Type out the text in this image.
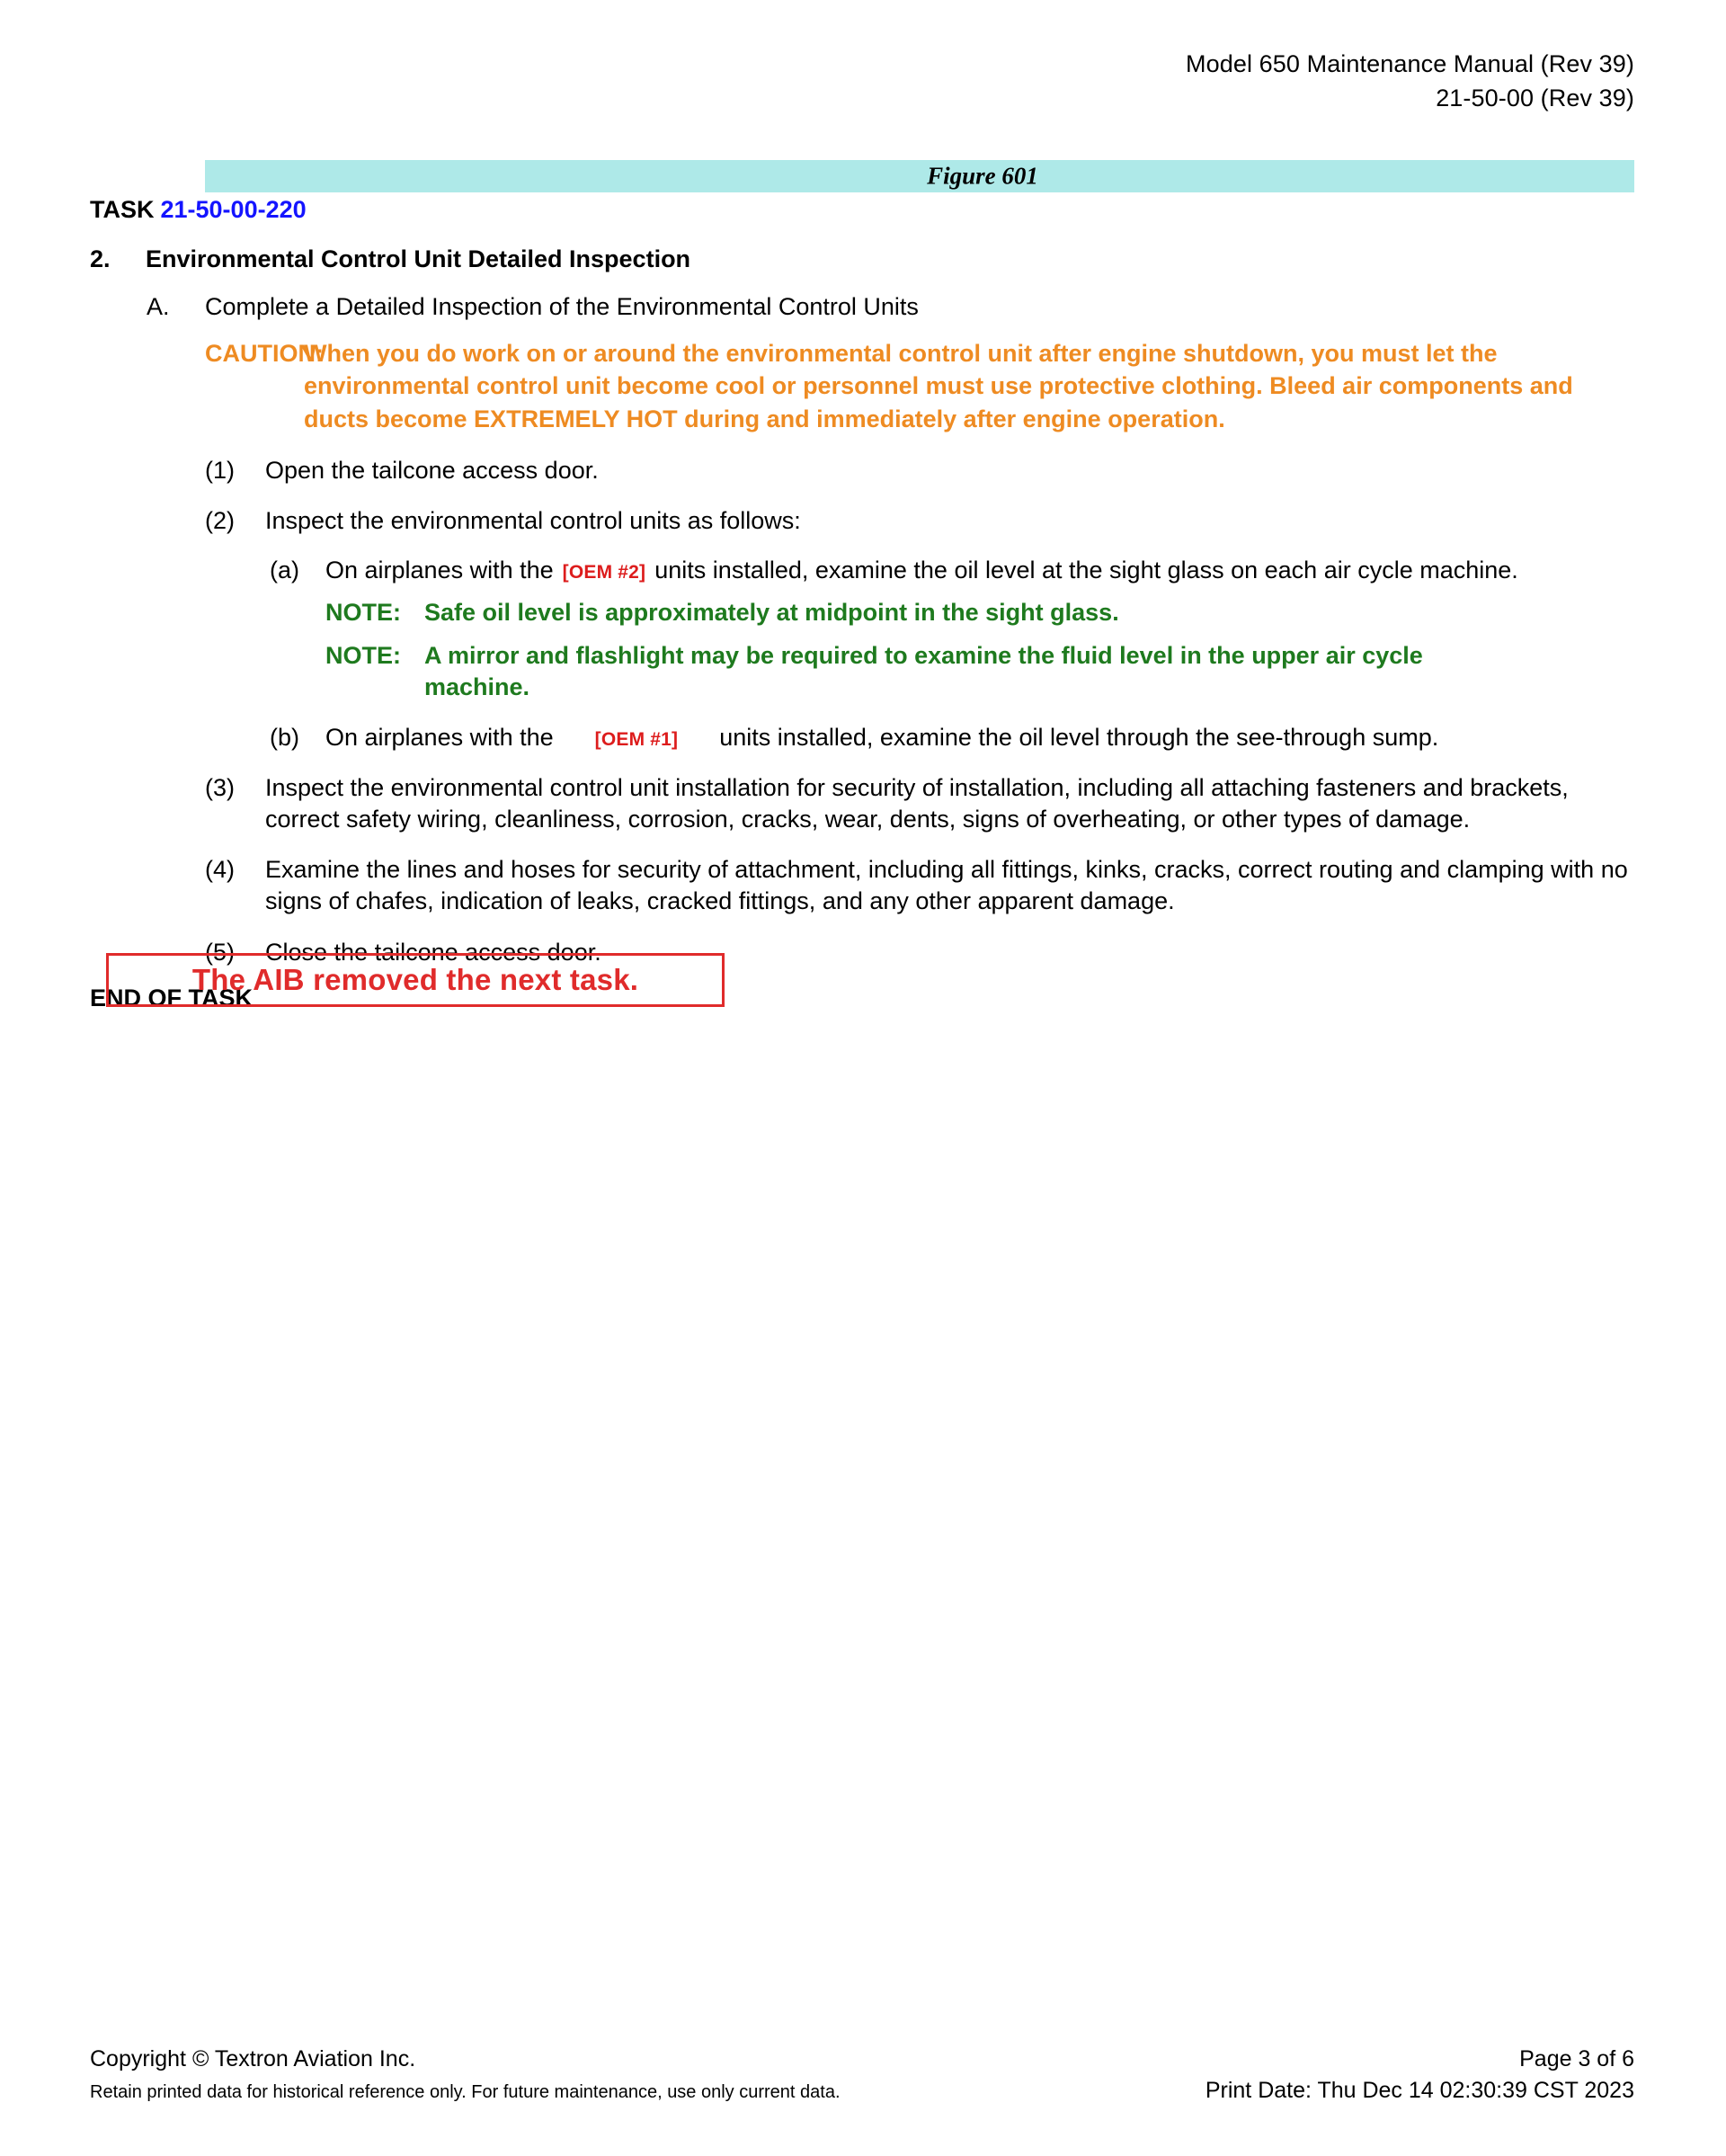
Model 650 Maintenance Manual (Rev 39)
21-50-00 (Rev 39)
Figure 601
TASK 21-50-00-220
2.	Environmental Control Unit Detailed Inspection
A.	Complete a Detailed Inspection of the Environmental Control Units
CAUTION:
When you do work on or around the environmental control unit after engine shutdown, you must let the environmental control unit become cool or personnel must use protective clothing. Bleed air components and ducts become EXTREMELY HOT during and immediately after engine operation.
(1)	Open the tailcone access door.
(2)	Inspect the environmental control units as follows:
(a)	On airplanes with the [OEM #2] units installed, examine the oil level at the sight glass on each air cycle machine.
NOTE: Safe oil level is approximately at midpoint in the sight glass.
NOTE: A mirror and flashlight may be required to examine the fluid level in the upper air cycle machine.
(b)	On airplanes with the [OEM #1] units installed, examine the oil level through the see-through sump.
(3)	Inspect the environmental control unit installation for security of installation, including all attaching fasteners and brackets, correct safety wiring, cleanliness, corrosion, cracks, wear, dents, signs of overheating, or other types of damage.
(4)	Examine the lines and hoses for security of attachment, including all fittings, kinks, cracks, correct routing and clamping with no signs of chafes, indication of leaks, cracked fittings, and any other apparent damage.
(5)	Close the tailcone access door.
END OF TASK
The AIB removed the next task.
Copyright © Textron Aviation Inc.	Page 3 of 6
Retain printed data for historical reference only. For future maintenance, use only current data.	Print Date: Thu Dec 14 02:30:39 CST 2023
